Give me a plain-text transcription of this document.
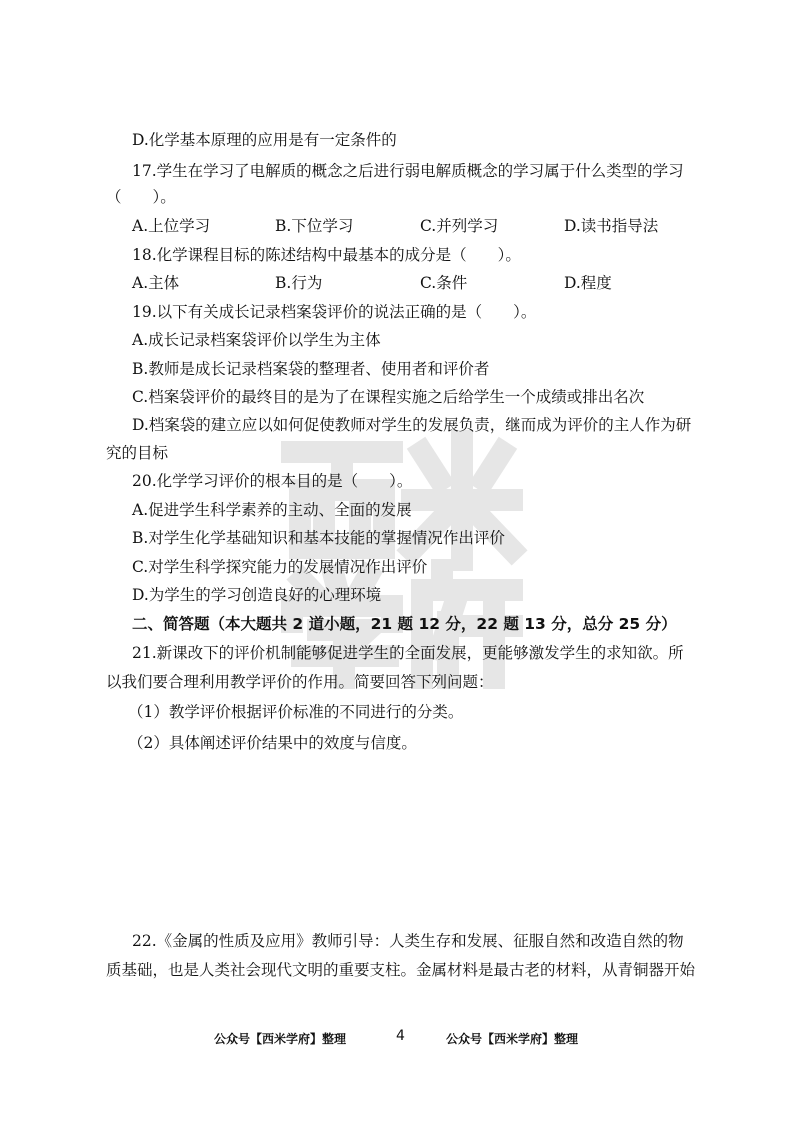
D.化学基本原理的应用是有一定条件的
17.学生在学习了电解质的概念之后进行弱电解质概念的学习属于什么类型的学习
（　　）。
A.上位学习	B.下位学习	C.并列学习	D.读书指导法
18.化学课程目标的陈述结构中最基本的成分是（　　）。
A.主体	B.行为	C.条件	D.程度
19.以下有关成长记录档案袋评价的说法正确的是（　　）。
A.成长记录档案袋评价以学生为主体
B.教师是成长记录档案袋的整理者、使用者和评价者
C.档案袋评价的最终目的是为了在课程实施之后给学生一个成绩或排出名次
D.档案袋的建立应以如何促使教师对学生的发展负责，继而成为评价的主人作为研
究的目标
20.化学学习评价的根本目的是（　　）。
A.促进学生科学素养的主动、全面的发展
B.对学生化学基础知识和基本技能的掌握情况作出评价
C.对学生科学探究能力的发展情况作出评价
D.为学生的学习创造良好的心理环境
二、简答题（本大题共 2 道小题，21 题 12 分，22 题 13 分，总分 25 分）
21.新课改下的评价机制能够促进学生的全面发展，更能够激发学生的求知欲。所
以我们要合理利用教学评价的作用。简要回答下列问题：
（1）教学评价根据评价标准的不同进行的分类。
（2）具体阐述评价结果中的效度与信度。
22.《金属的性质及应用》教师引导：人类生存和发展、征服自然和改造自然的物
质基础，也是人类社会现代文明的重要支柱。金属材料是最古老的材料，从青铜器开始
公众号【西米学府】整理	4	公众号【西米学府】整理
